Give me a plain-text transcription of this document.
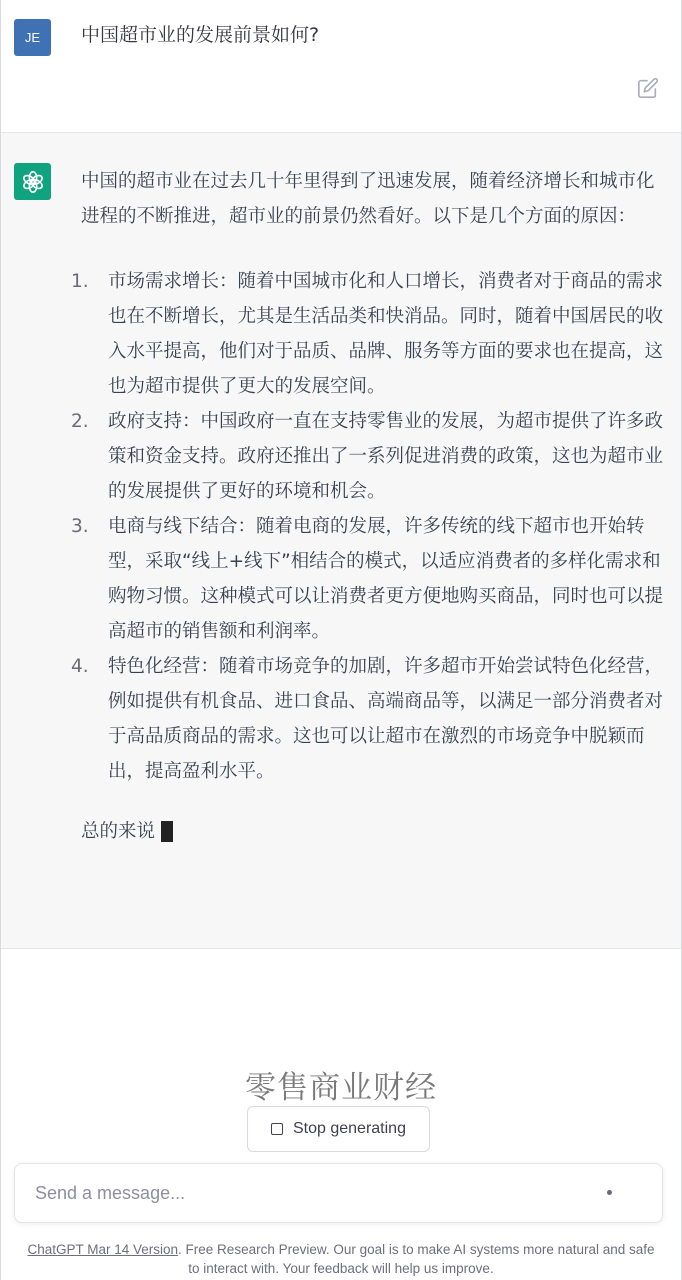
JE	中国超市业的发展前景如何?

中国的超市业在过去几十年里得到了迅速发展，随着经济增长和城市化进程的不断推进，超市业的前景仍然看好。以下是几个方面的原因：

1. 市场需求增长：随着中国城市化和人口增长，消费者对于商品的需求也在不断增长，尤其是生活品类和快消品。同时，随着中国居民的收入水平提高，他们对于品质、品牌、服务等方面的要求也在提高，这也为超市提供了更大的发展空间。
2. 政府支持：中国政府一直在支持零售业的发展，为超市提供了许多政策和资金支持。政府还推出了一系列促进消费的政策，这也为超市业的发展提供了更好的环境和机会。
3. 电商与线下结合：随着电商的发展，许多传统的线下超市也开始转型，采取“线上+线下”相结合的模式，以适应消费者的多样化需求和购物习惯。这种模式可以让消费者更方便地购买商品，同时也可以提高超市的销售额和利润率。
4. 特色化经营：随着市场竞争的加剧，许多超市开始尝试特色化经营，例如提供有机食品、进口食品、高端商品等，以满足一部分消费者对于高品质商品的需求。这也可以让超市在激烈的市场竞争中脱颖而出，提高盈利水平。
总的来说
零售商业财经
Stop generating
Send a message...
ChatGPT Mar 14 Version. Free Research Preview. Our goal is to make AI systems more natural and safe to interact with. Your feedback will help us improve.
